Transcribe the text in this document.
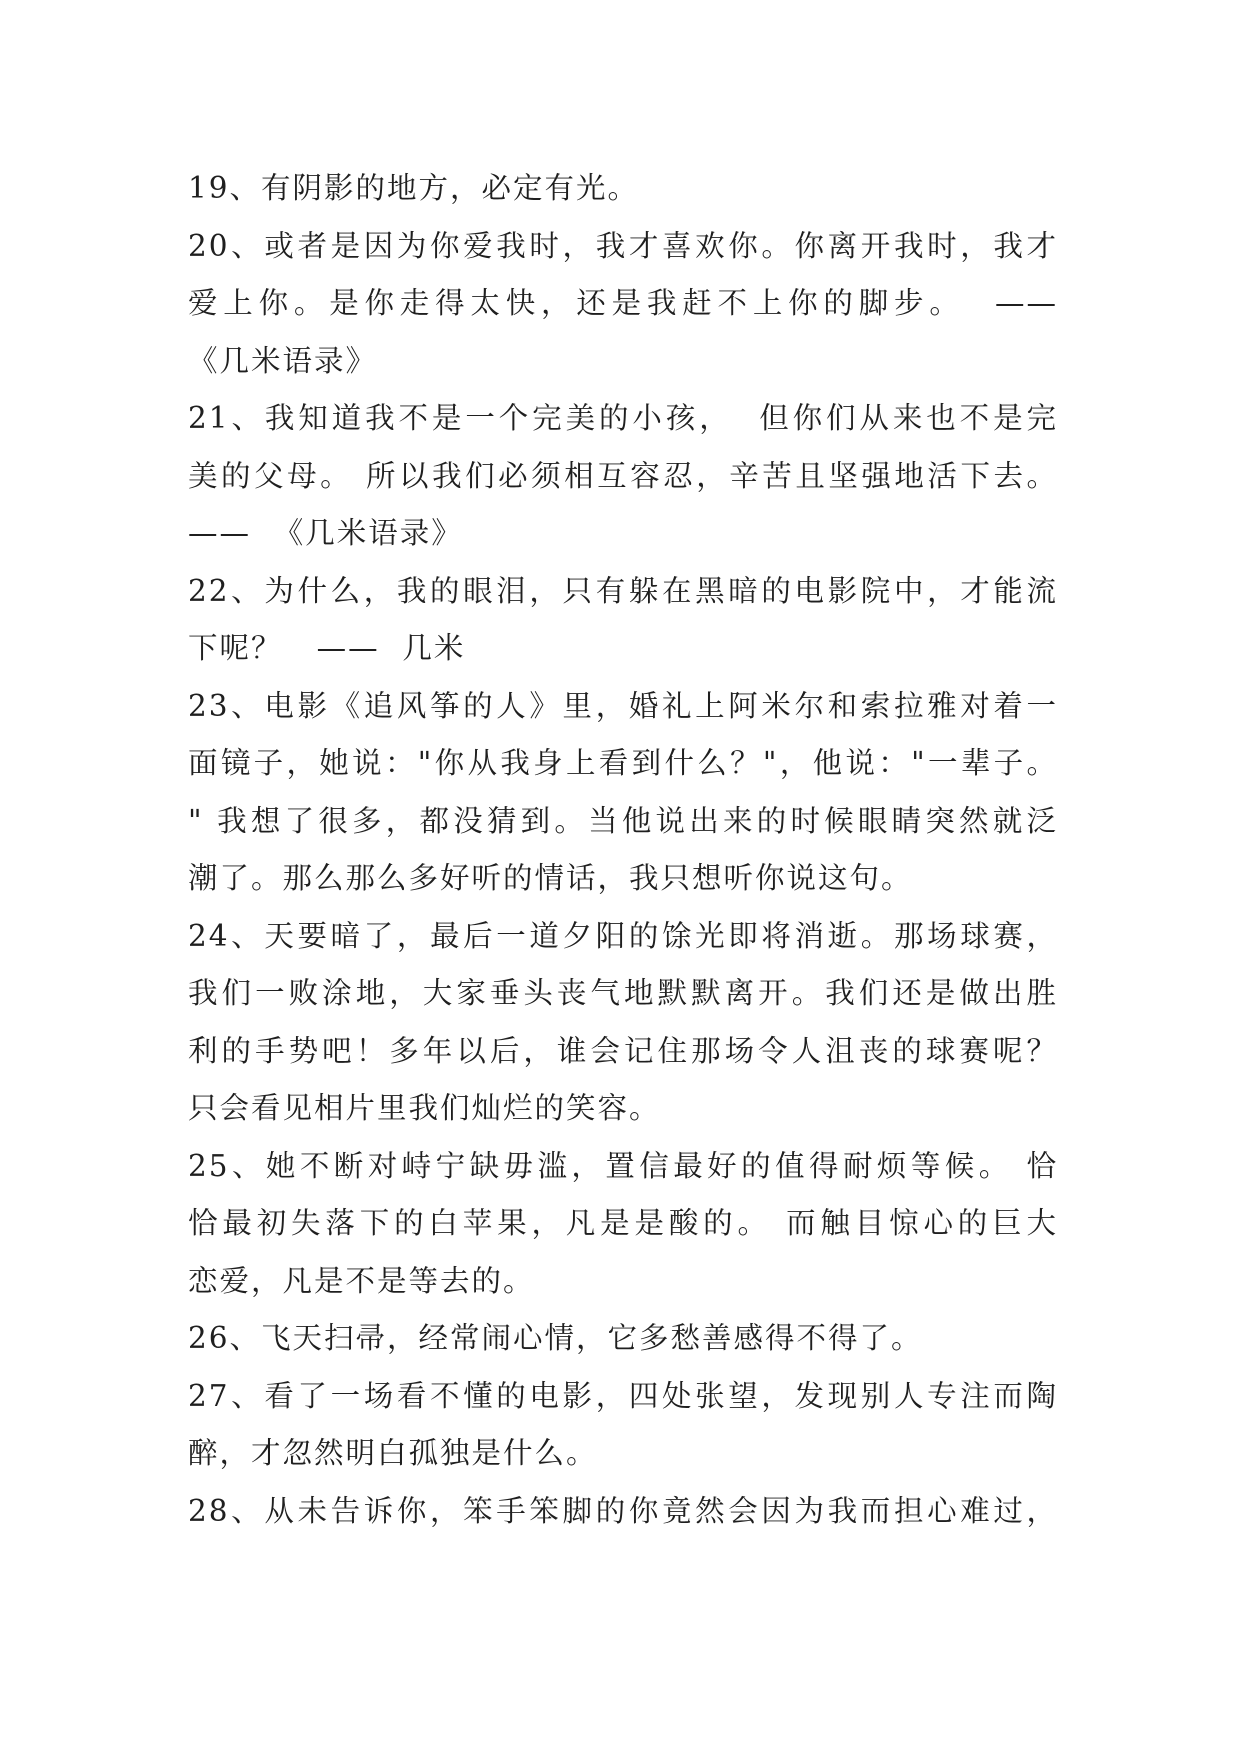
19、有阴影的地方，必定有光。
20、或者是因为你爱我时，我才喜欢你。你离开我时，我才
爱上你。是你走得太快，还是我赶不上你的脚步。  ——
《几米语录》
21、我知道我不是一个完美的小孩，  但你们从来也不是完
美的父母。 所以我们必须相互容忍，辛苦且坚强地活下去。
——  《几米语录》
22、为什么，我的眼泪，只有躲在黑暗的电影院中，才能流
下呢？   ——  几米
23、电影《追风筝的人》里，婚礼上阿米尔和索拉雅对着一
面镜子，她说："你从我身上看到什么？"，他说："一辈子。
" 我想了很多，都没猜到。当他说出来的时候眼睛突然就泛
潮了。那么那么多好听的情话，我只想听你说这句。
24、天要暗了，最后一道夕阳的馀光即将消逝。那场球赛，
我们一败涂地，大家垂头丧气地默默离开。我们还是做出胜
利的手势吧！多年以后，谁会记住那场令人沮丧的球赛呢？
只会看见相片里我们灿烂的笑容。
25、她不断对峙宁缺毋滥，置信最好的值得耐烦等候。 恰
恰最初失落下的白苹果，凡是是酸的。 而触目惊心的巨大
恋爱，凡是不是等去的。
26、飞天扫帚，经常闹心情，它多愁善感得不得了。
27、看了一场看不懂的电影，四处张望，发现别人专注而陶
醉，才忽然明白孤独是什么。
28、从未告诉你，笨手笨脚的你竟然会因为我而担心难过，
